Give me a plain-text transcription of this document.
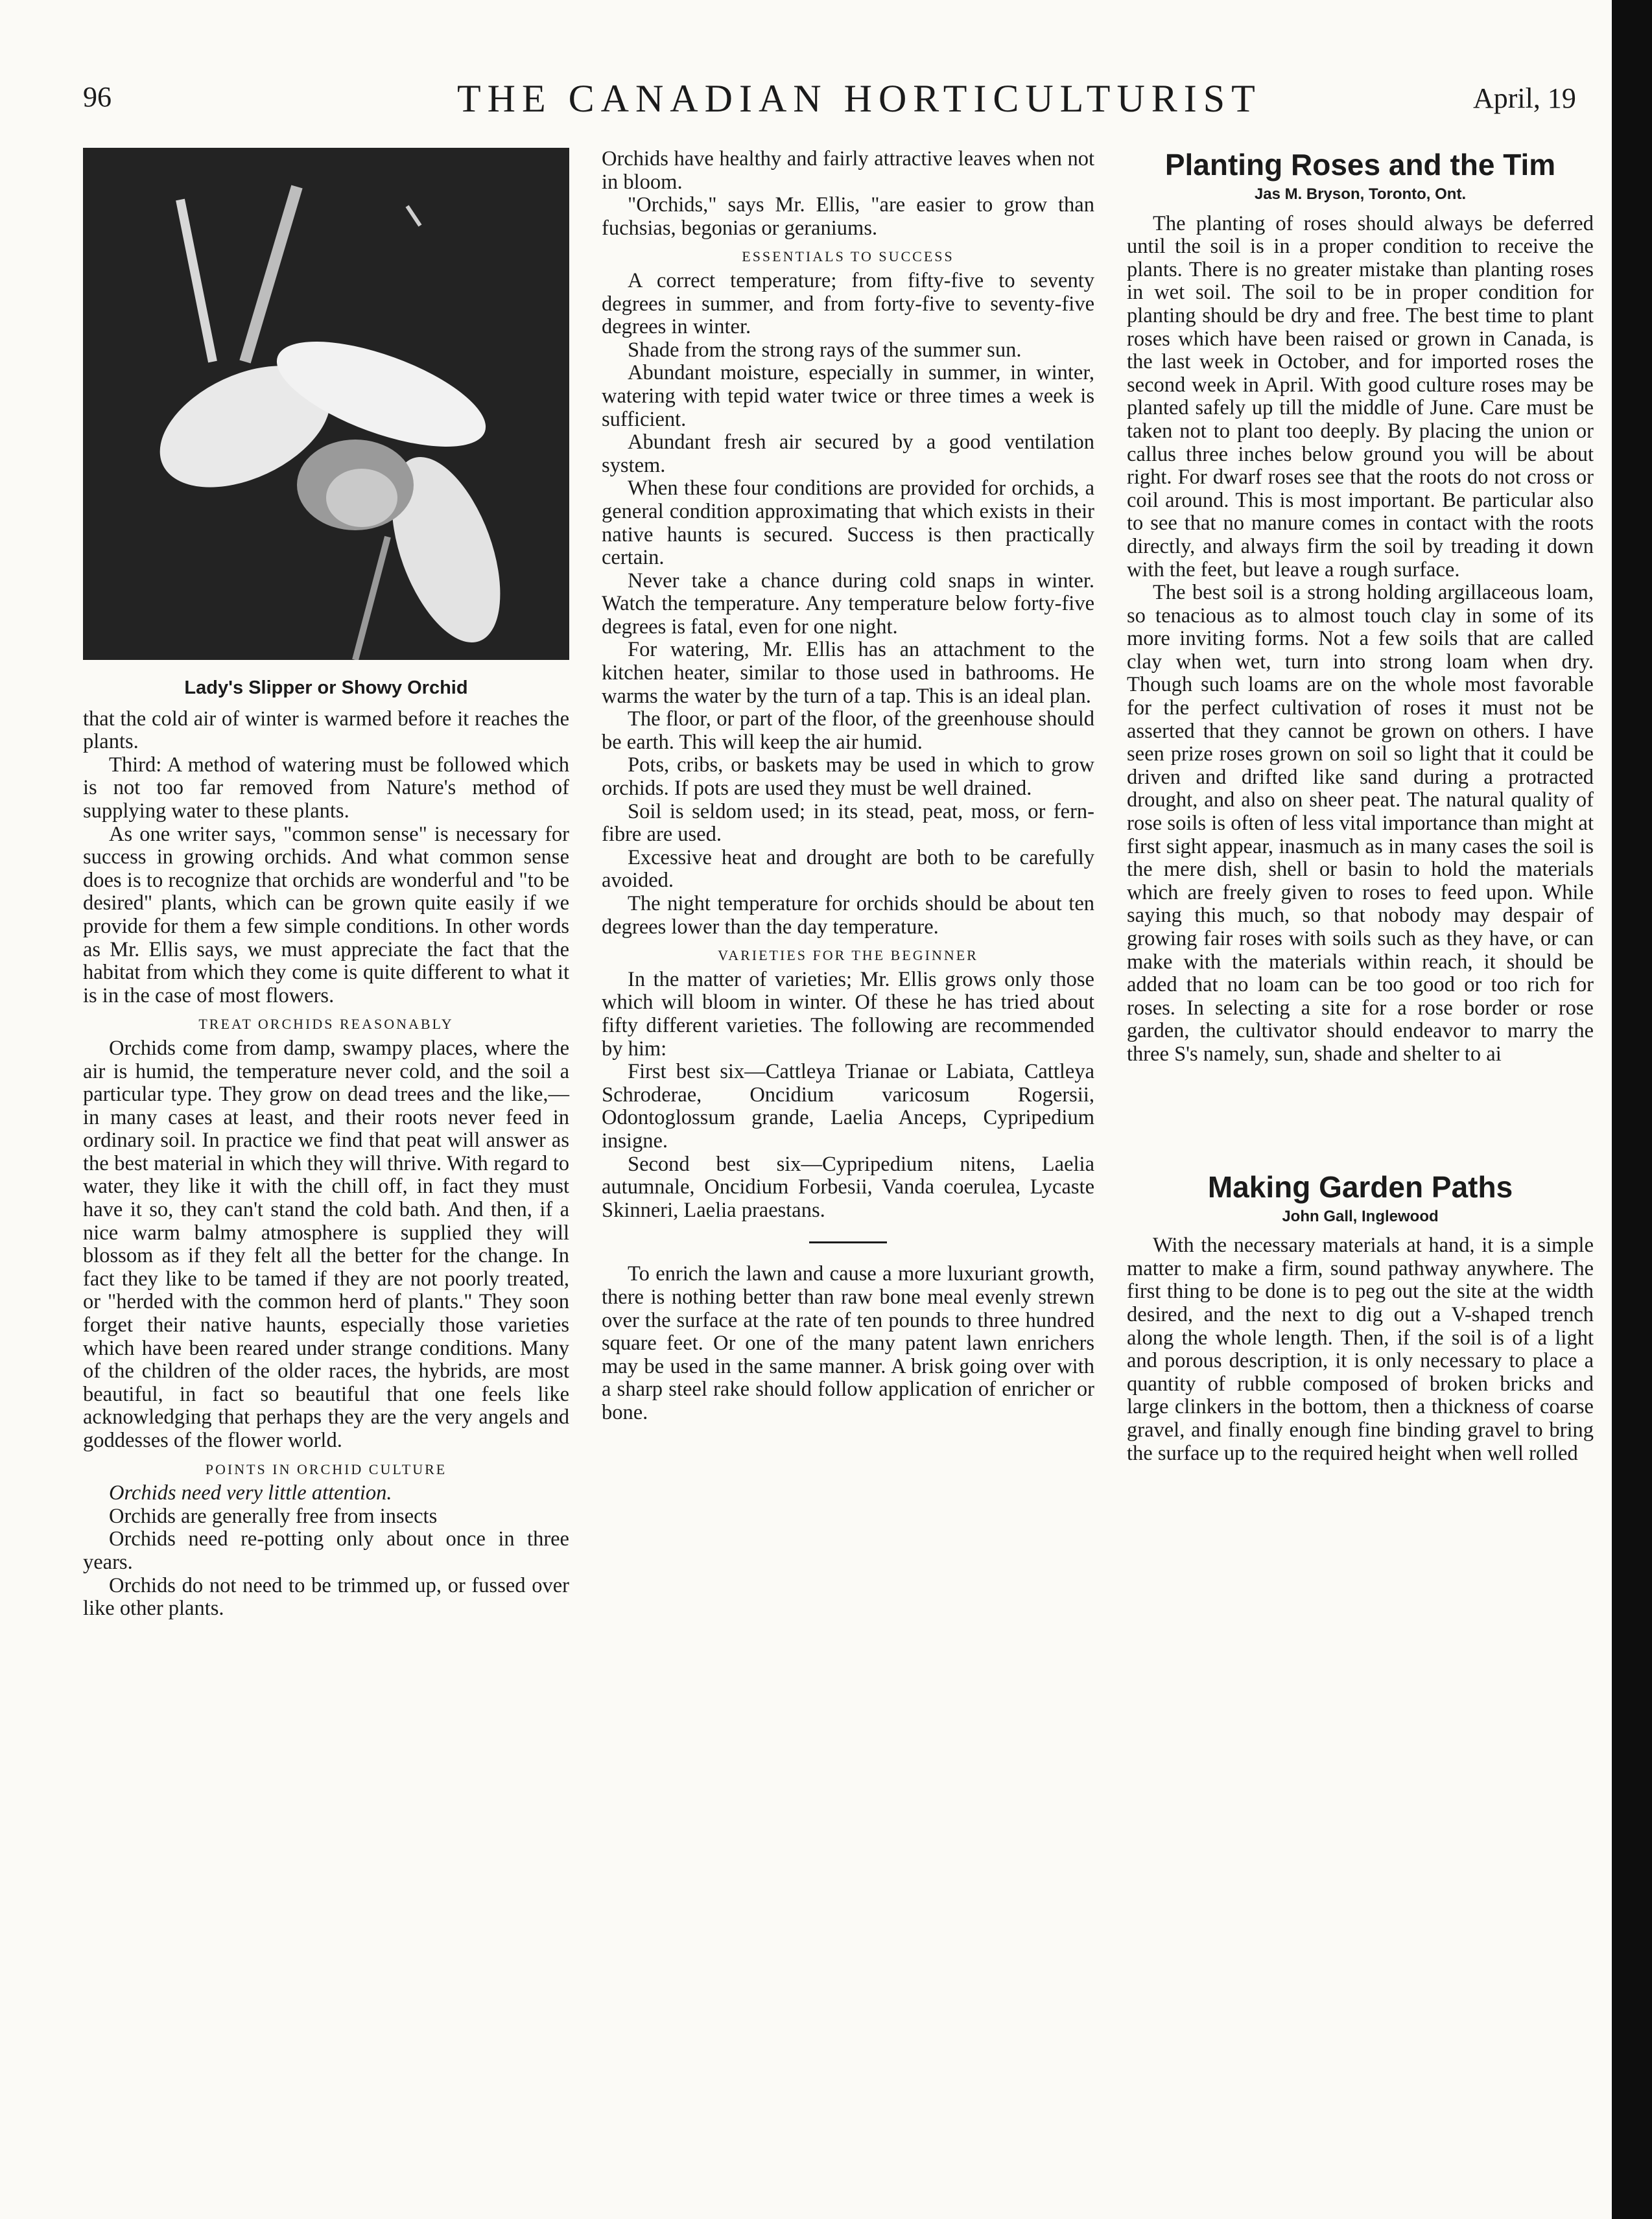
96	THE CANADIAN HORTICULTURIST	April, 19
Lady's Slipper or Showy Orchid

that the cold air of winter is warmed before it reaches the plants.

Third: A method of watering must be followed which is not too far removed from Nature's method of supplying water to these plants.

As one writer says, "common sense" is necessary for success in growing orchids. And what common sense does is to recognize that orchids are wonderful and "to be desired" plants, which can be grown quite easily if we provide for them a few simple conditions. In other words as Mr. Ellis says, we must appreciate the fact that the habitat from which they come is quite different to what it is in the case of most flowers.

TREAT ORCHIDS REASONABLY

Orchids come from damp, swampy places, where the air is humid, the temperature never cold, and the soil a particular type. They grow on dead trees and the like,—in many cases at least, and their roots never feed in ordinary soil. In practice we find that peat will answer as the best material in which they will thrive. With regard to water, they like it with the chill off, in fact they must have it so, they can't stand the cold bath. And then, if a nice warm balmy atmosphere is supplied they will blossom as if they felt all the better for the change. In fact they like to be tamed if they are not poorly treated, or "herded with the common herd of plants." They soon forget their native haunts, especially those varieties which have been reared under strange conditions. Many of the children of the older races, the hybrids, are most beautiful, in fact so beautiful that one feels like acknowledging that perhaps they are the very angels and goddesses of the flower world.

POINTS IN ORCHID CULTURE

Orchids need very little attention.

Orchids are generally free from insects

Orchids need re-potting only about once in three years.

Orchids do not need to be trimmed up, or fussed over like other plants.

Orchids have healthy and fairly attractive leaves when not in bloom.

"Orchids," says Mr. Ellis, "are easier to grow than fuchsias, begonias or geraniums.

ESSENTIALS TO SUCCESS

A correct temperature; from fifty-five to seventy degrees in summer, and from forty-five to seventy-five degrees in winter.

Shade from the strong rays of the summer sun.

Abundant moisture, especially in summer, in winter, watering with tepid water twice or three times a week is sufficient.

Abundant fresh air secured by a good ventilation system.

When these four conditions are provided for orchids, a general condition approximating that which exists in their native haunts is secured. Success is then practically certain.

Never take a chance during cold snaps in winter. Watch the temperature. Any temperature below forty-five degrees is fatal, even for one night.

For watering, Mr. Ellis has an attachment to the kitchen heater, similar to those used in bathrooms. He warms the water by the turn of a tap. This is an ideal plan.

The floor, or part of the floor, of the greenhouse should be earth. This will keep the air humid.

Pots, cribs, or baskets may be used in which to grow orchids. If pots are used they must be well drained.

Soil is seldom used; in its stead, peat, moss, or fern-fibre are used.

Excessive heat and drought are both to be carefully avoided.

The night temperature for orchids should be about ten degrees lower than the day temperature.

VARIETIES FOR THE BEGINNER

In the matter of varieties; Mr. Ellis grows only those which will bloom in winter. Of these he has tried about fifty different varieties. The following are recommended by him:

First best six—Cattleya Trianae or Labiata, Cattleya Schroderae, Oncidium varicosum Rogersii, Odontoglossum grande, Laelia Anceps, Cypripedium insigne.

Second best six—Cypripedium nitens, Laelia autumnale, Oncidium Forbesii, Vanda coerulea, Lycaste Skinneri, Laelia praestans.

To enrich the lawn and cause a more luxuriant growth, there is nothing better than raw bone meal evenly strewn over the surface at the rate of ten pounds to three hundred square feet. Or one of the many patent lawn enrichers may be used in the same manner. A brisk going over with a sharp steel rake should follow application of enricher or bone.

Planting Roses and the Tim
Jas M. Bryson, Toronto, Ont.

The planting of roses should always be deferred until the soil is in a proper condition to receive the plants. There is no greater mistake than planting roses in wet soil. The soil to be in proper condition for planting should be dry and free. The best time to plant roses which have been raised or grown in Canada, is the last week in October, and for imported roses the second week in April. With good culture roses may be planted safely up till the middle of June. Care must be taken not to plant too deeply. By placing the union or callus three inches below ground you will be about right. For dwarf roses see that the roots do not cross or coil around. This is most important. Be particular also to see that no manure comes in contact with the roots directly, and always firm the soil by treading it down with the feet, but leave a rough surface.

The best soil is a strong holding argillaceous loam, so tenacious as to almost touch clay in some of its more inviting forms. Not a few soils that are called clay when wet, turn into strong loam when dry. Though such loams are on the whole most favorable for the perfect cultivation of roses it must not be asserted that they cannot be grown on others. I have seen prize roses grown on soil so light that it could be driven and drifted like sand during a protracted drought, and also on sheer peat. The natural quality of rose soils is often of less vital importance than might at first sight appear, inasmuch as in many cases the soil is the mere dish, shell or basin to hold the materials which are freely given to roses to feed upon. While saying this much, so that nobody may despair of growing fair roses with soils such as they have, or can make with the materials within reach, it should be added that no loam can be too good or too rich for roses. In selecting a site for a rose border or rose garden, the cultivator should endeavor to marry the three S's namely, sun, shade and shelter to ai

Making Garden Paths
John Gall, Inglewood

With the necessary materials at hand, it is a simple matter to make a firm, sound pathway anywhere. The first thing to be done is to peg out the site at the width desired, and the next to dig out a V-shaped trench along the whole length. Then, if the soil is of a light and porous description, it is only necessary to place a quantity of rubble composed of broken bricks and large clinkers in the bottom, then a thickness of coarse gravel, and finally enough fine binding gravel to bring the surface up to the required height when well rolled
